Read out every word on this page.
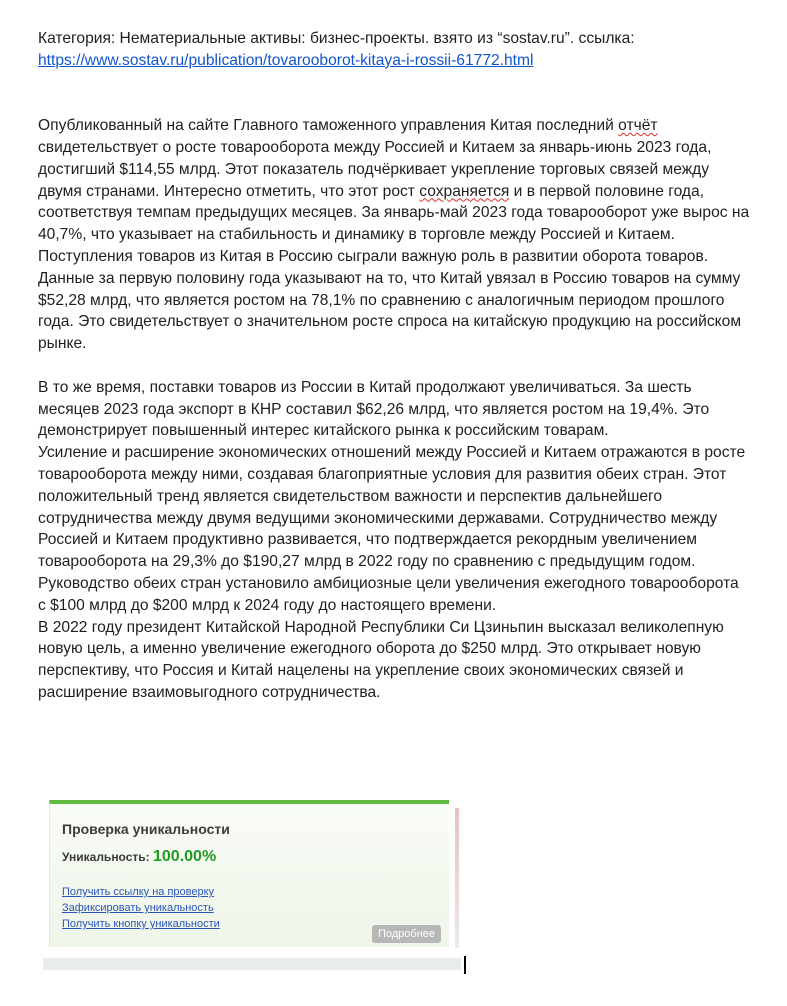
Категория: Нематериальные активы: бизнес-проекты. взято из “sostav.ru”. ссылка:
https://www.sostav.ru/publication/tovarooborot-kitaya-i-rossii-61772.html

Опубликованный на сайте Главного таможенного управления Китая последний отчёт свидетельствует о росте товарооборота между Россией и Китаем за январь-июнь 2023 года, достигший $114,55 млрд. Этот показатель подчёркивает укрепление торговых связей между двумя странами. Интересно отметить, что этот рост сохраняется и в первой половине года, соответствуя темпам предыдущих месяцев. За январь-май 2023 года товарооборот уже вырос на 40,7%, что указывает на стабильность и динамику в торговле между Россией и Китаем.

Поступления товаров из Китая в Россию сыграли важную роль в развитии оборота товаров. Данные за первую половину года указывают на то, что Китай увязал в Россию товаров на сумму $52,28 млрд, что является ростом на 78,1% по сравнению с аналогичным периодом прошлого года. Это свидетельствует о значительном росте спроса на китайскую продукцию на российском рынке.

В то же время, поставки товаров из России в Китай продолжают увеличиваться. За шесть месяцев 2023 года экспорт в КНР составил $62,26 млрд, что является ростом на 19,4%. Это демонстрирует повышенный интерес китайского рынка к российским товарам.

Усиление и расширение экономических отношений между Россией и Китаем отражаются в росте товарооборота между ними, создавая благоприятные условия для развития обеих стран. Этот положительный тренд является свидетельством важности и перспектив дальнейшего сотрудничества между двумя ведущими экономическими державами. Сотрудничество между Россией и Китаем продуктивно развивается, что подтверждается рекордным увеличением товарооборота на 29,3% до $190,27 млрд в 2022 году по сравнению с предыдущим годом. Руководство обеих стран установило амбициозные цели увеличения ежегодного товарооборота с $100 млрд до $200 млрд к 2024 году до настоящего времени.

В 2022 году президент Китайской Народной Республики Си Цзиньпин высказал великолепную новую цель, а именно увеличение ежегодного оборота до $250 млрд. Это открывает новую перспективу, что Россия и Китай нацелены на укрепление своих экономических связей и расширение взаимовыгодного сотрудничества.

Проверка уникальности
Уникальность: 100.00%
Получить ссылку на проверку
Зафиксировать уникальность
Получить кнопку уникальности
Подробнее
